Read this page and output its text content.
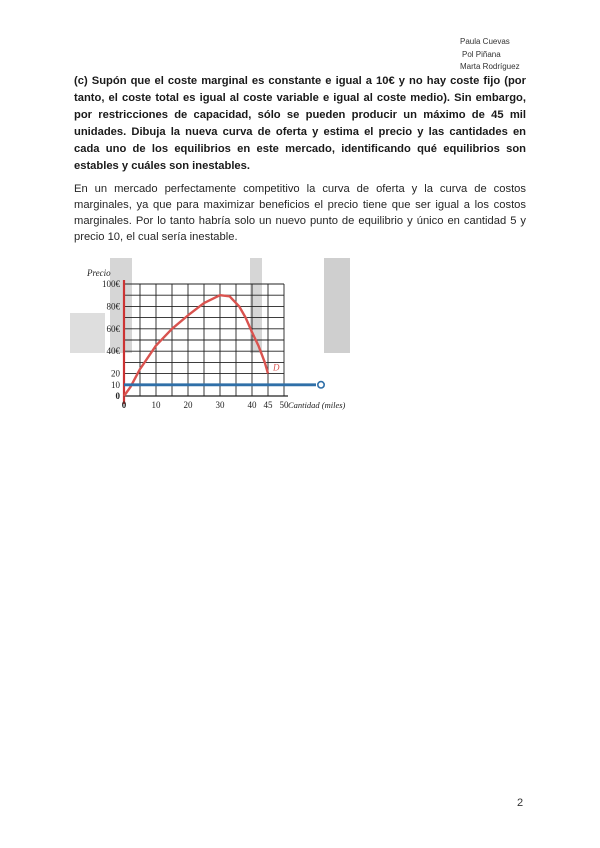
Paula Cuevas
Pol Piñana
Marta Rodríguez
(c) Supón que el coste marginal es constante e igual a 10€ y no hay coste fijo (por tanto, el coste total es igual al coste variable e igual al coste medio). Sin embargo, por restricciones de capacidad, sólo se pueden producir un máximo de 45 mil unidades. Dibuja la nueva curva de oferta y estima el precio y las cantidades en cada uno de los equilibrios en este mercado, identificando qué equilibrios son estables y cuáles son inestables.
En un mercado perfectamente competitivo la curva de oferta y la curva de costos marginales, ya que para maximizar beneficios el precio tiene que ser igual a los costos marginales. Por lo tanto habría solo un nuevo punto de equilibrio y único en cantidad 5 y precio 10, el cual sería inestable.
D
0	10	20	30	40 45 50
0
10
20
40€
60€
80€
100€
Precio
Cantidad (miles)
2
